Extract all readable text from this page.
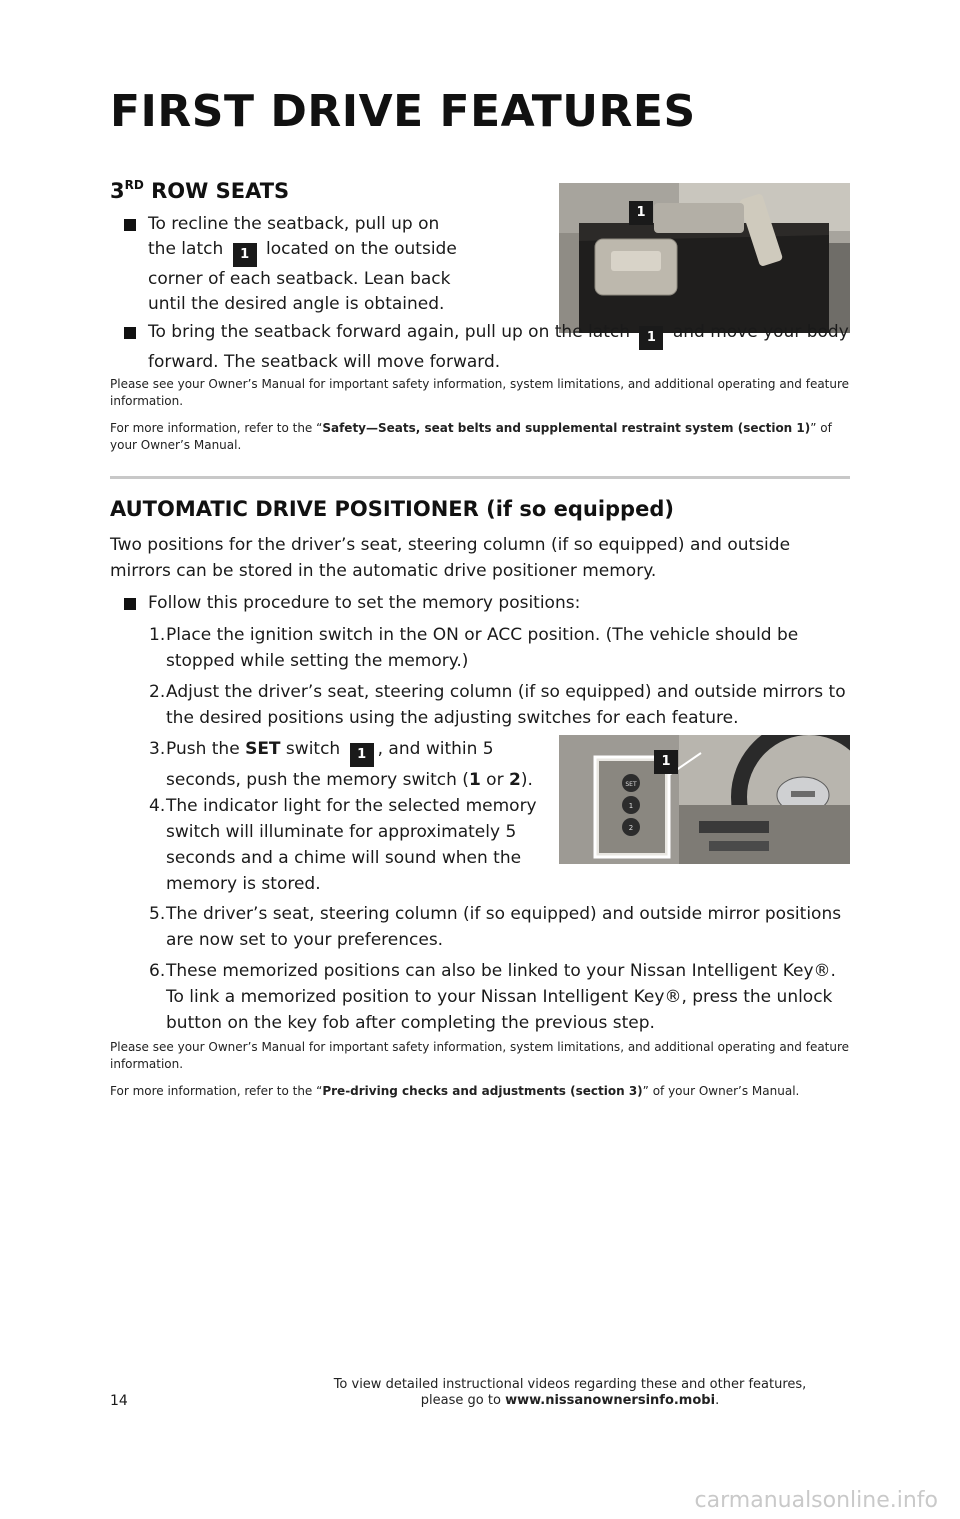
FIRST DRIVE FEATURES
3RD ROW SEATS
To recline the seatback, pull up on the latch 1 located on the outside corner of each seatback. Lean back until the desired angle is obtained.
1
To bring the seatback forward again, pull up on the latch 1 and move your body forward. The seatback will move forward.
Please see your Owner’s Manual for important safety information, system limitations, and additional operating and feature information.
For more information, refer to the “Safety—Seats, seat belts and supplemental restraint system (section 1)” of your Owner’s Manual.
AUTOMATIC DRIVE POSITIONER (if so equipped)
Two positions for the driver’s seat, steering column (if so equipped) and outside mirrors can be stored in the automatic drive positioner memory.
Follow this procedure to set the memory positions:
1. Place the ignition switch in the ON or ACC position. (The vehicle should be stopped while setting the memory.)
2. Adjust the driver’s seat, steering column (if so equipped) and outside mirrors to the desired positions using the adjusting switches for each feature.
3. Push the SET switch 1 , and within 5 seconds, push the memory switch (1 or 2).	SET
1
2
1
4. The indicator light for the selected memory switch will illuminate for approximately 5 seconds and a chime will sound when the memory is stored.
5. The driver’s seat, steering column (if so equipped) and outside mirror positions are now set to your preferences.
6. These memorized positions can also be linked to your Nissan Intelligent Key®. To link a memorized position to your Nissan Intelligent Key®, press the unlock button on the key fob after completing the previous step.
Please see your Owner’s Manual for important safety information, system limitations, and additional operating and feature information.
For more information, refer to the “Pre-driving checks and adjustments (section 3)” of your Owner’s Manual.
14
To view detailed instructional videos regarding these and other features,
please go to www.nissanownersinfo.mobi.
carmanualsonline.info
